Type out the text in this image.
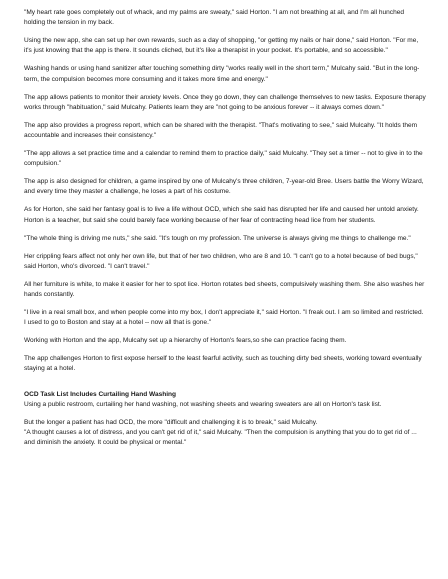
"My heart rate goes completely out of whack, and my palms are sweaty," said Horton. "I am not breathing at all, and I'm all hunched holding the tension in my back.

Using the new app, she can set up her own rewards, such as a day of shopping, "or getting my nails or hair done," said Horton. "For me, it's just knowing that the app is there. It sounds cliched, but it's like a therapist in your pocket. It's portable, and so accessible."

Washing hands or using hand sanitizer after touching something dirty "works really well in the short term," Mulcahy said. "But in the long-term, the compulsion becomes more consuming and it takes more time and energy."

The app allows patients to monitor their anxiety levels. Once they go down, they can challenge themselves to new tasks. Exposure therapy works through "habituation," said Mulcahy. Patients learn they are "not going to be anxious forever -- it always comes down."

The app also provides a progress report, which can be shared with the therapist. "That's motivating to see," said Mulcahy. "It holds them accountable and increases their consistency."

"The app allows a set practice time and a calendar to remind them to practice daily," said Mulcahy. "They set a timer -- not to give in to the compulsion."

The app is also designed for children, a game inspired by one of Mulcahy's three children, 7-year-old Bree. Users battle the Worry Wizard, and every time they master a challenge, he loses a part of his costume.

As for Horton, she said her fantasy goal is to live a life without OCD, which she said has disrupted her life and caused her untold anxiety. Horton is a teacher, but said she could barely face working because of her fear of contracting head lice from her students.

"The whole thing is driving me nuts," she said. "It's tough on my profession. The universe is always giving me things to challenge me."

Her crippling fears affect not only her own life, but that of her two children, who are 8 and 10. "I can't go to a hotel because of bed bugs," said Horton, who's divorced. "I can't travel."

All her furniture is white, to make it easier for her to spot lice. Horton rotates bed sheets, compulsively washing them. She also washes her hands constantly.

"I live in a real small box, and when people come into my box, I don't appreciate it," said Horton. "I freak out. I am so limited and restricted. I used to go to Boston and stay at a hotel -- now all that is gone."

Working with Horton and the app, Mulcahy set up a hierarchy of Horton's fears,so she can practice facing them.

The app challenges Horton to first expose herself to the least fearful activity, such as touching dirty bed sheets, working toward eventually staying at a hotel.

OCD Task List Includes Curtailing Hand Washing

Using a public restroom, curtailing her hand washing, not washing sheets and wearing sweaters are all on Horton's task list.

But the longer a patient has had OCD, the more "difficult and challenging it is to break," said Mulcahy.

"A thought causes a lot of distress, and you can't get rid of it," said Mulcahy. "Then the compulsion is anything that you do to get rid of ... and diminish the anxiety. It could be physical or mental."
